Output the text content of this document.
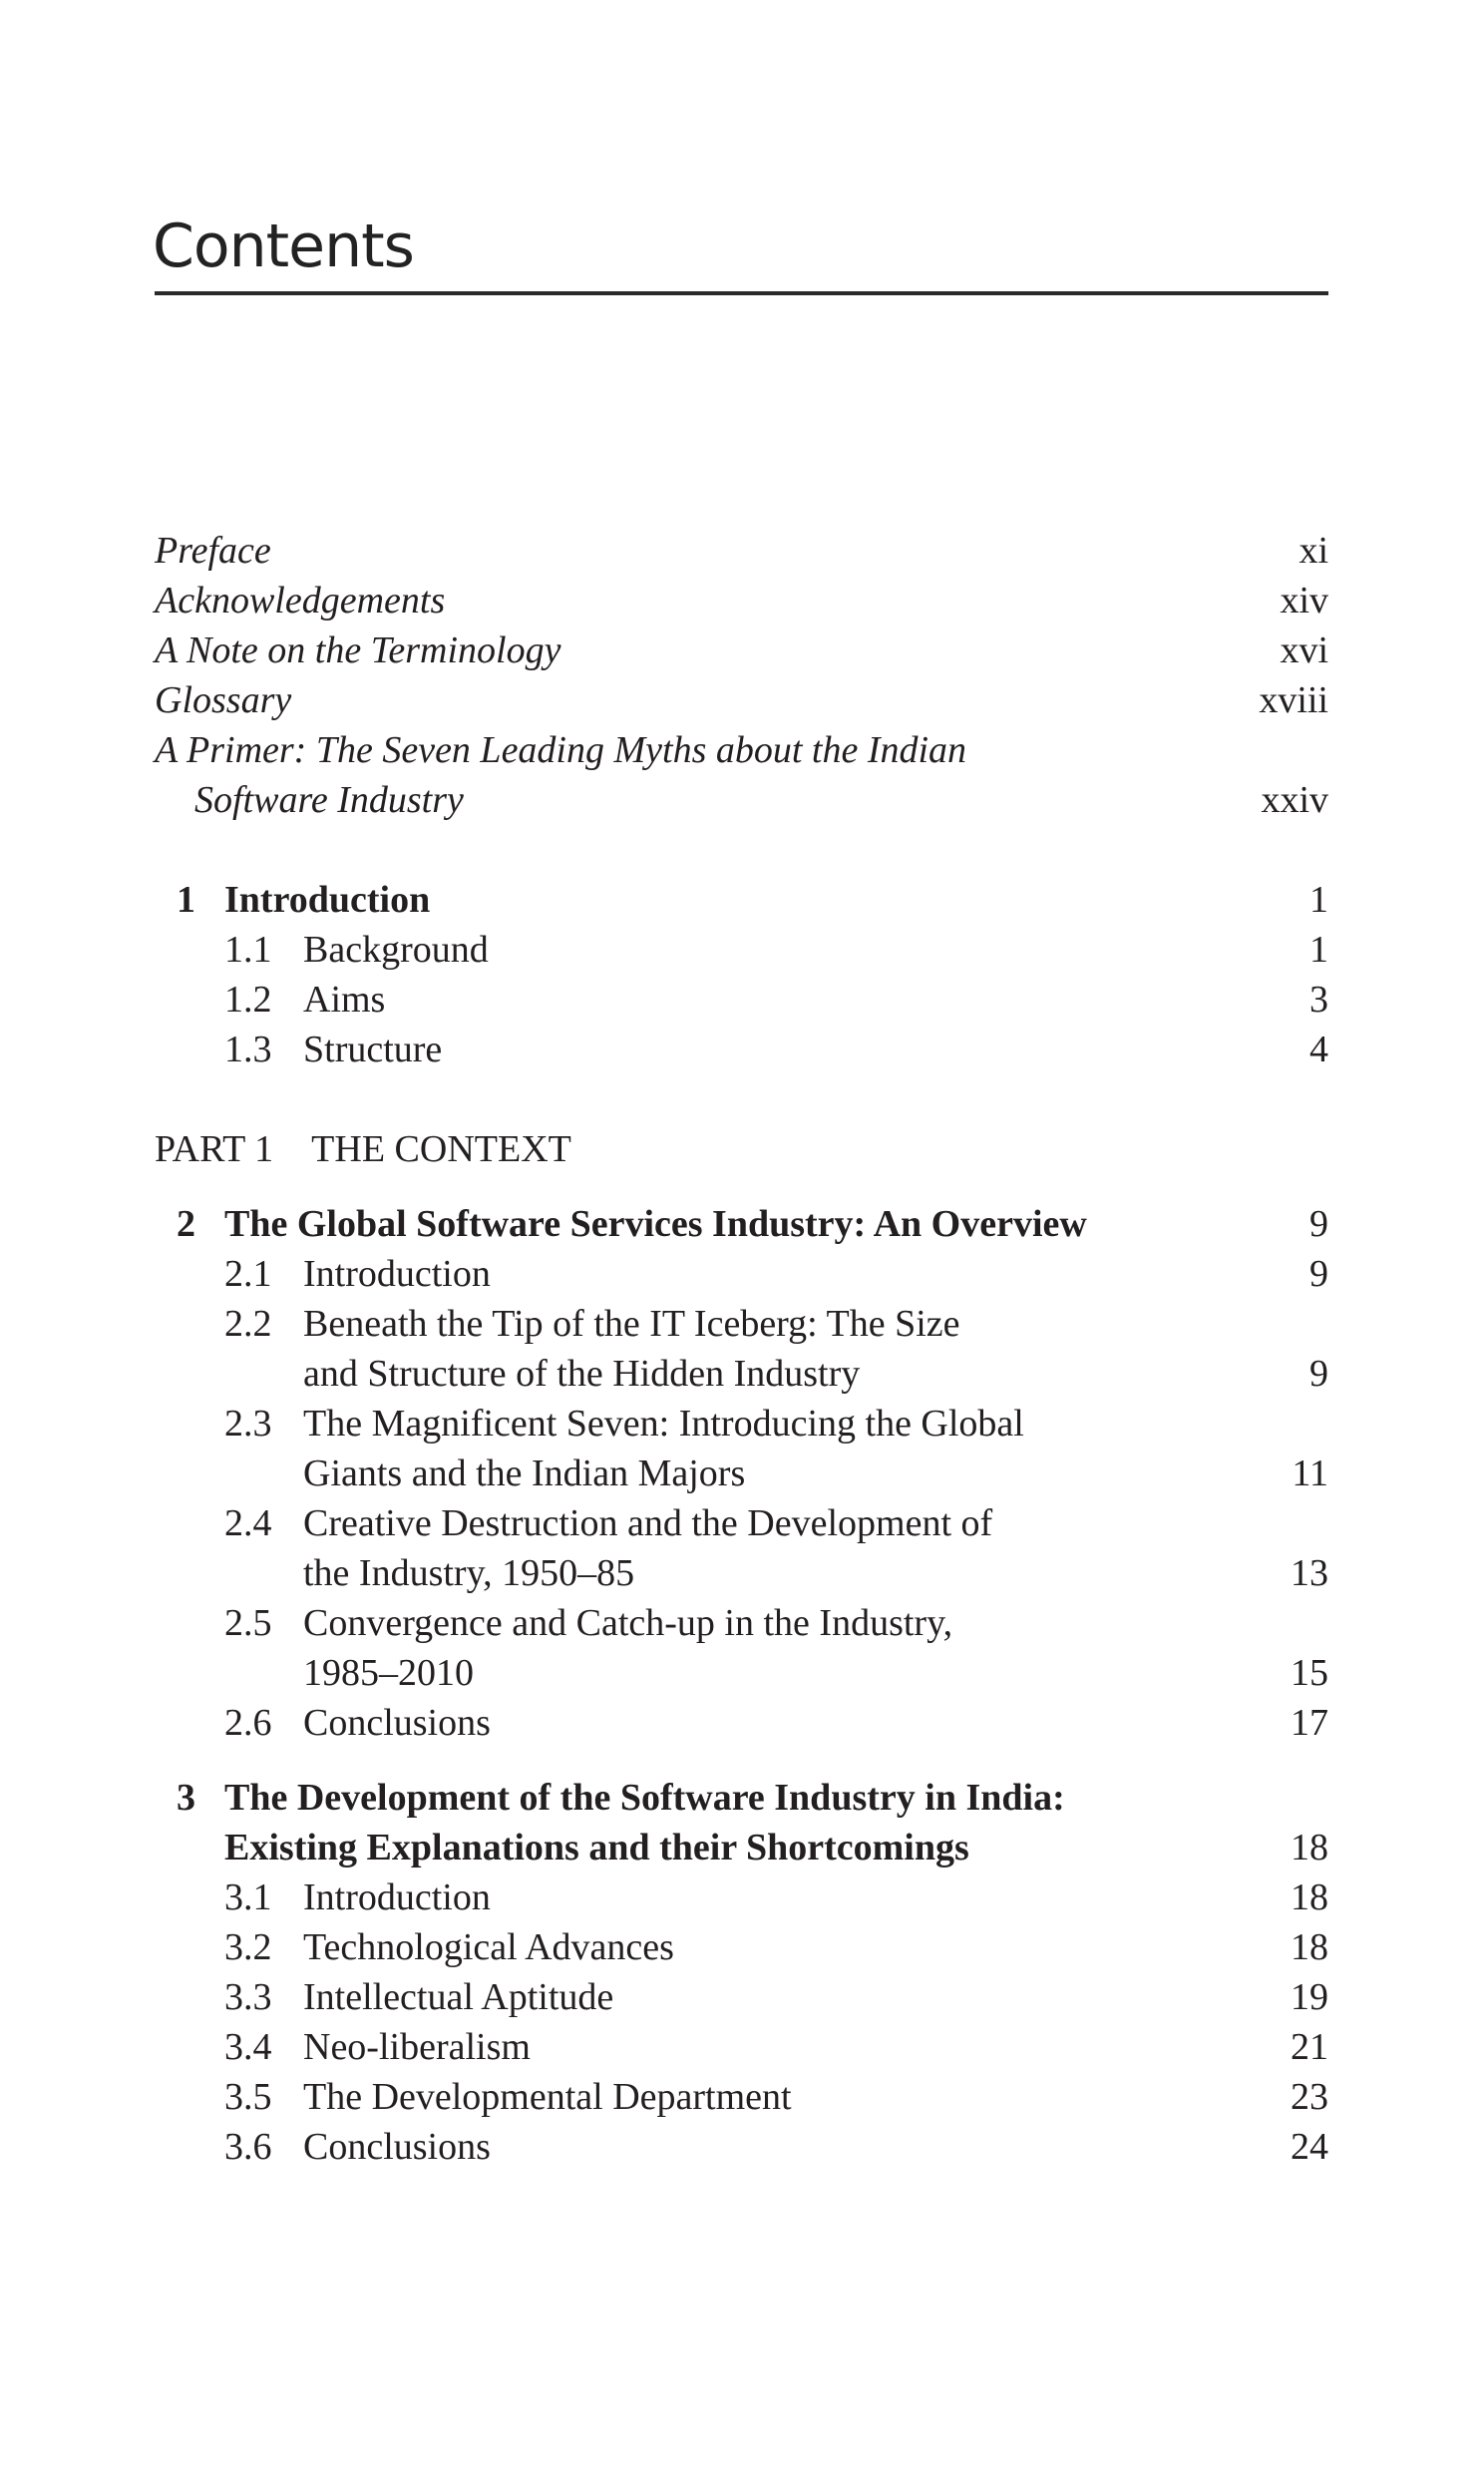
Contents
Preface	xi
Acknowledgements	xiv
A Note on the Terminology	xvi
Glossary	xviii
A Primer: The Seven Leading Myths about the Indian
Software Industry	xxiv
1 Introduction	1
1.1 Background	1
1.2 Aims	3
1.3 Structure	4
PART 1 THE CONTEXT
2 The Global Software Services Industry: An Overview	9
2.1 Introduction	9
2.2 Beneath the Tip of the IT Iceberg: The Size
and Structure of the Hidden Industry	9
2.3 The Magnificent Seven: Introducing the Global
Giants and the Indian Majors	11
2.4 Creative Destruction and the Development of
the Industry, 1950–85	13
2.5 Convergence and Catch-up in the Industry,
1985–2010	15
2.6 Conclusions	17
3 The Development of the Software Industry in India:
Existing Explanations and their Shortcomings	18
3.1 Introduction	18
3.2 Technological Advances	18
3.3 Intellectual Aptitude	19
3.4 Neo-liberalism	21
3.5 The Developmental Department	23
3.6 Conclusions	24
